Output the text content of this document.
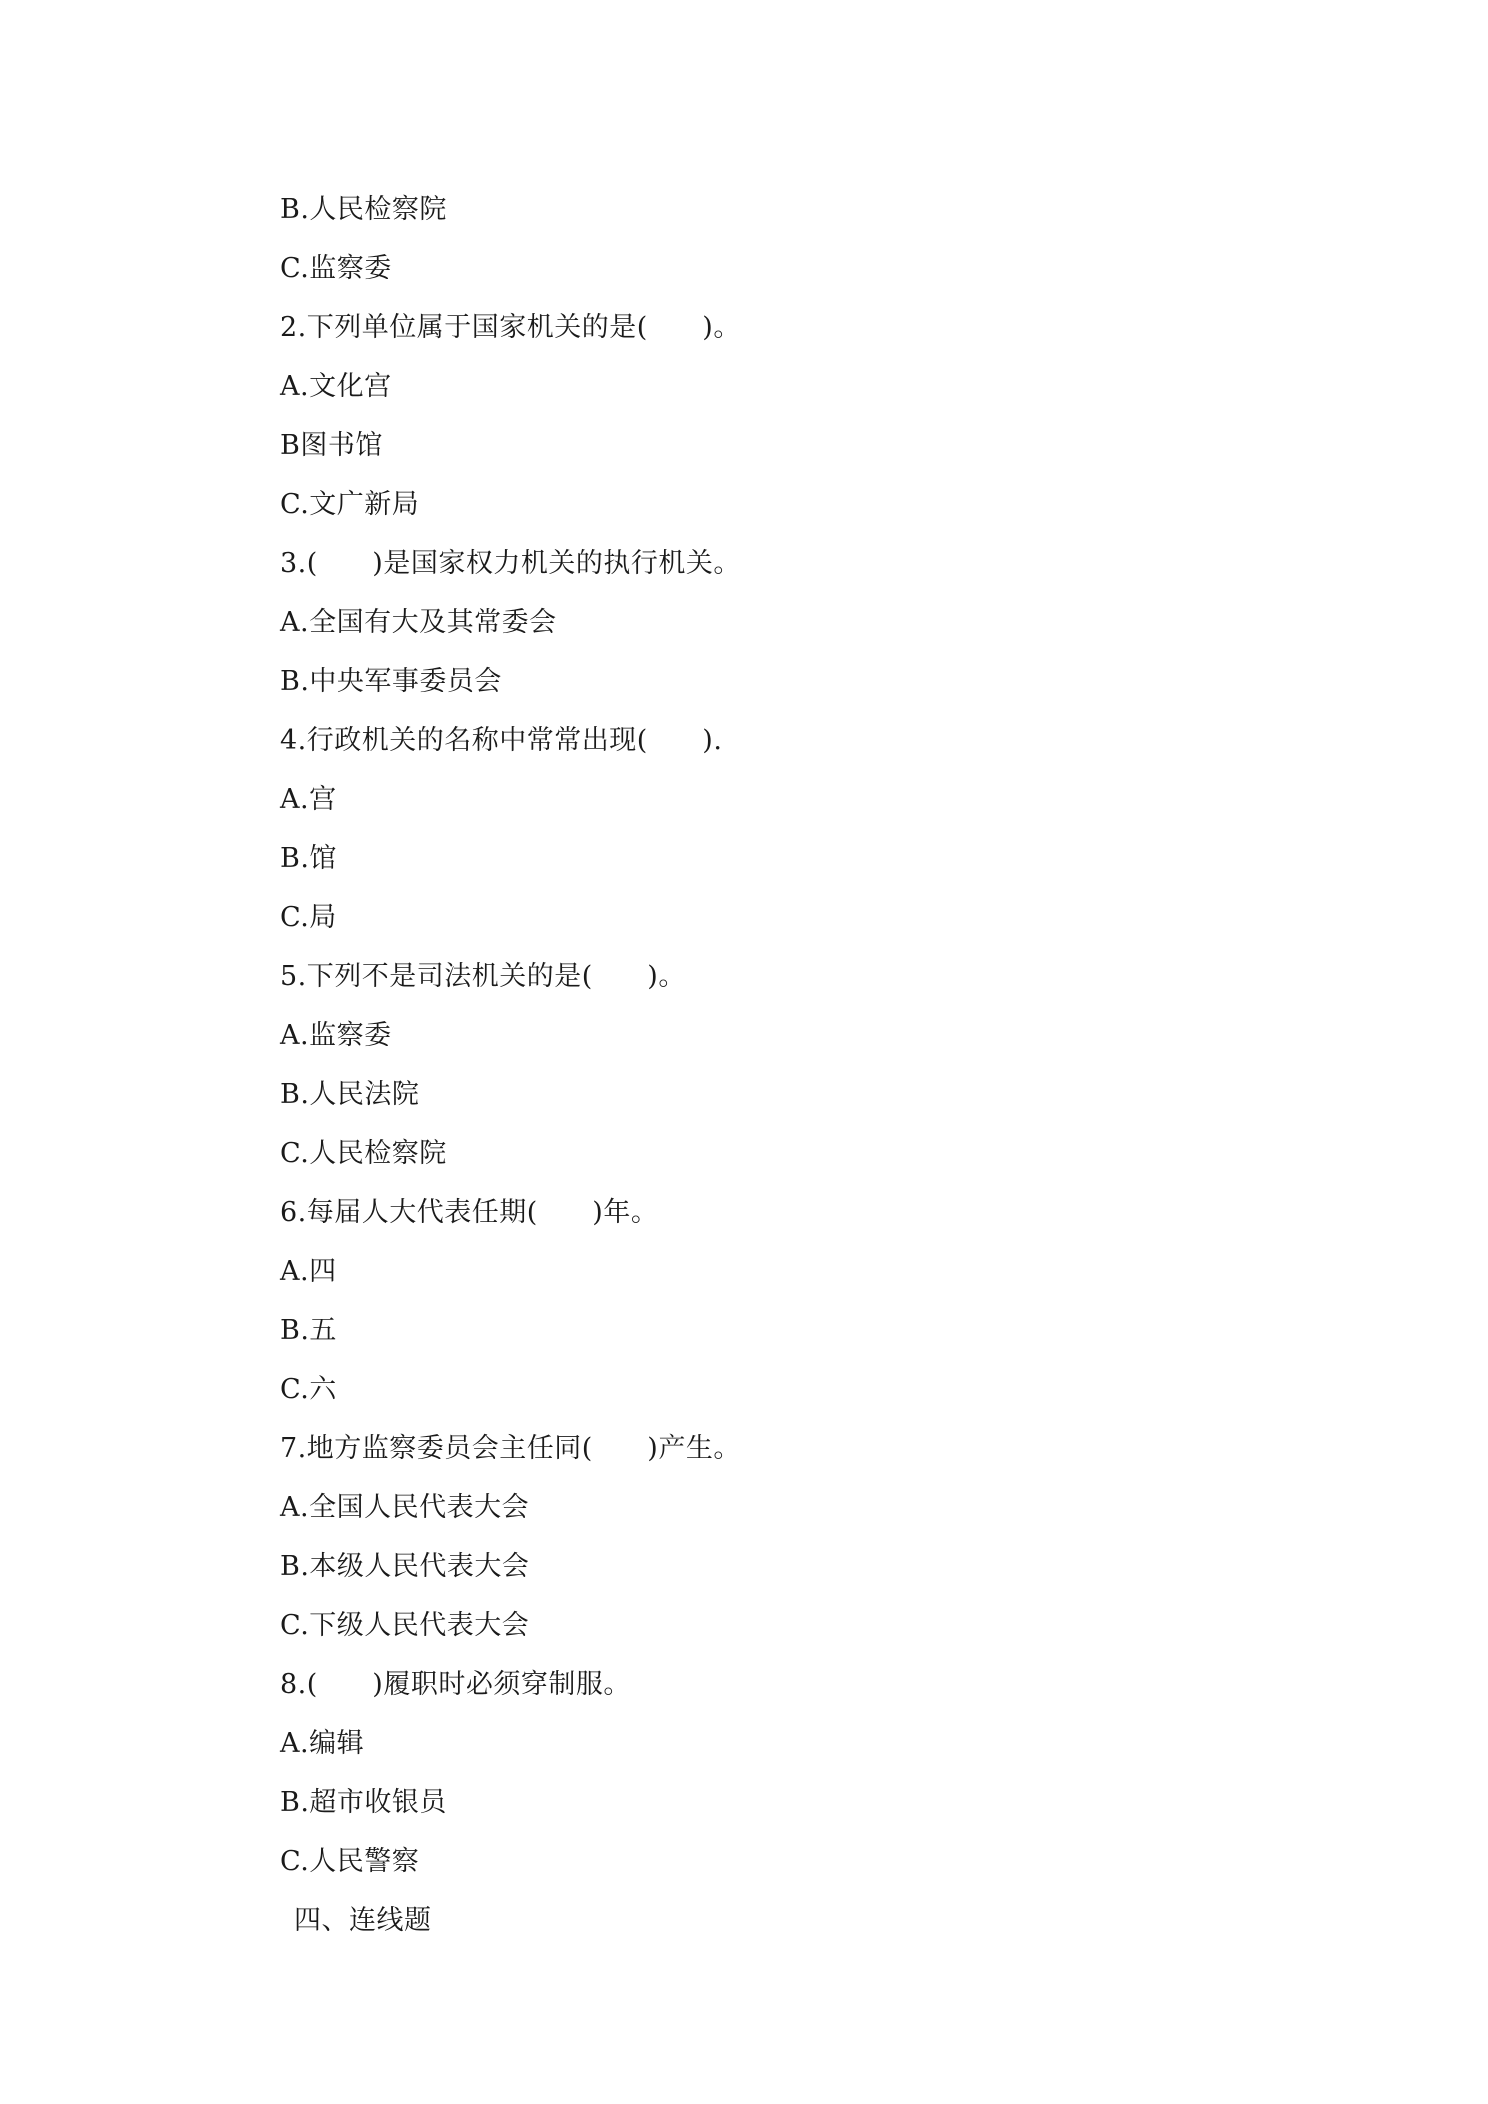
B.人民检察院
C.监察委
2.下列单位属于国家机关的是(      )。
A.文化宫
B图书馆
C.文广新局
3.(      )是国家权力机关的执行机关。
A.全国有大及其常委会
B.中央军事委员会
4.行政机关的名称中常常出现(      ).
A.宫
B.馆
C.局
5.下列不是司法机关的是(      )。
A.监察委
B.人民法院
C.人民检察院
6.每届人大代表任期(      )年。
A.四
B.五
C.六
7.地方监察委员会主任同(      )产生。
A.全国人民代表大会
B.本级人民代表大会
C.下级人民代表大会
8.(      )履职时必须穿制服。
A.编辑
B.超市收银员
C.人民警察
四、连线题
